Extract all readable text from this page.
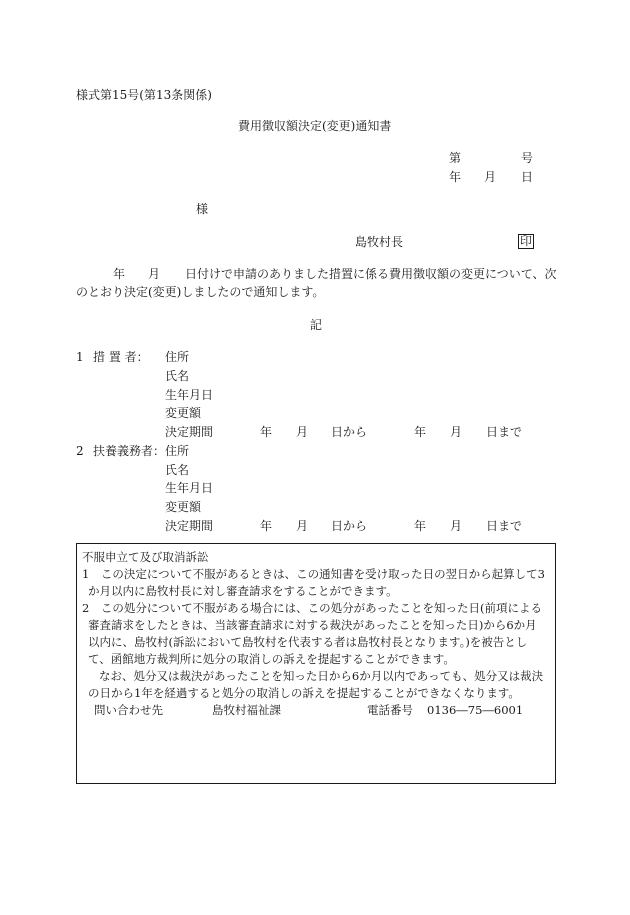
様式第15号(第13条関係)
費用徴収額決定(変更)通知書
第	号
年 月 日
様
島牧村長	印
年 月 日付けで申請のありました措置に係る費用徴収額の変更について、次
のとおり決定(変更)しましたので通知します。
記
1 措 置 者： 住所
氏名
生年月日
変更額
決定期間	年 月 日から	年 月 日まで
2 扶養義務者： 住所
氏名
生年月日
変更額
決定期間	年 月 日から	年 月 日まで
不服申立て及び取消訴訟
1　この決定について不服があるときは、この通知書を受け取った日の翌日から起算して3
か月以内に島牧村長に対し審査請求をすることができます。
2　この処分について不服がある場合には、この処分があったことを知った日(前項による
審査請求をしたときは、当該審査請求に対する裁決があったことを知った日)から6か月
以内に、島牧村(訴訟において島牧村を代表する者は島牧村長となります。)を被告とし
て、函館地方裁判所に処分の取消しの訴えを提起することができます。
なお、処分又は裁決があったことを知った日から6か月以内であっても、処分又は裁決
の日から1年を経過すると処分の取消しの訴えを提起することができなくなります。
問い合わせ先	島牧村福祉課	電話番号 0136―75―6001
